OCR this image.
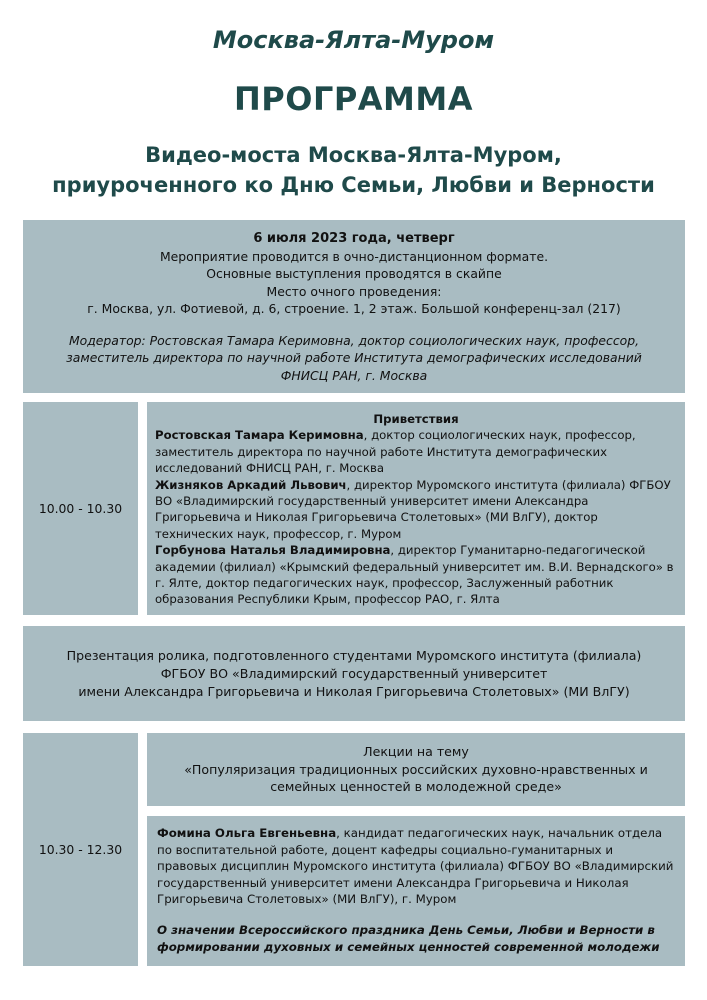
Москва-Ялта-Муром
ПРОГРАММА
Видео-моста Москва-Ялта-Муром,
приуроченного ко Дню Семьи, Любви и Верности
6 июля 2023 года, четверг
Мероприятие проводится в очно-дистанционном формате.
Основные выступления проводятся в скайпе
Место очного проведения:
г. Москва, ул. Фотиевой, д. 6, строение. 1, 2 этаж. Большой конференц-зал (217)
Модератор: Ростовская Тамара Керимовна, доктор социологических наук, профессор,
заместитель директора по научной работе Института демографических исследований
ФНИСЦ РАН, г. Москва
10.00 - 10.30
Приветствия
Ростовская Тамара Керимовна, доктор социологических наук, профессор, заместитель директора по научной работе Института демографических исследований ФНИСЦ РАН, г. Москва
Жизняков Аркадий Львович, директор Муромского института (филиала) ФГБОУ ВО «Владимирский государственный университет имени Александра Григорьевича и Николая Григорьевича Столетовых» (МИ ВлГУ), доктор технических наук, профессор, г. Муром
Горбунова Наталья Владимировна, директор Гуманитарно-педагогической академии (филиал) «Крымский федеральный университет им. В.И. Вернадского» в г. Ялте, доктор педагогических наук, профессор, Заслуженный работник образования Республики Крым, профессор РАО, г. Ялта
Презентация ролика, подготовленного студентами Муромского института (филиала)
ФГБОУ ВО «Владимирский государственный университет
имени Александра Григорьевича и Николая Григорьевича Столетовых» (МИ ВлГУ)
10.30 - 12.30
Лекции на тему
«Популяризация традиционных российских духовно-нравственных и
семейных ценностей в молодежной среде»
Фомина Ольга Евгеньевна, кандидат педагогических наук, начальник отдела по воспитательной работе, доцент кафедры социально-гуманитарных и правовых дисциплин Муромского института (филиала) ФГБОУ ВО «Владимирский государственный университет имени Александра Григорьевича и Николая Григорьевича Столетовых» (МИ ВлГУ), г. Муром
О значении Всероссийского праздника День Семьи, Любви и Верности в формировании духовных и семейных ценностей современной молодежи
